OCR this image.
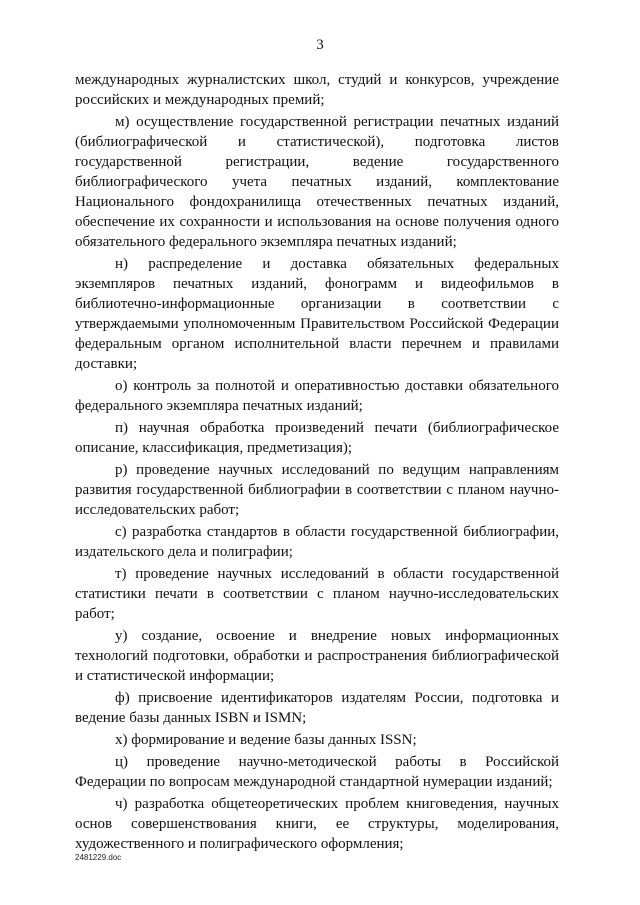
3

международных журналистских школ, студий и конкурсов, учреждение российских и международных премий;

м) осуществление государственной регистрации печатных изданий (библиографической и статистической), подготовка листов государственной регистрации, ведение государственного библиографического учета печатных изданий, комплектование Национального фондохранилища отечественных печатных изданий, обеспечение их сохранности и использования на основе получения одного обязательного федерального экземпляра печатных изданий;

н) распределение и доставка обязательных федеральных экземпляров печатных изданий, фонограмм и видеофильмов в библиотечно-информационные организации в соответствии с утверждаемыми уполномоченным Правительством Российской Федерации федеральным органом исполнительной власти перечнем и правилами доставки;

о) контроль за полнотой и оперативностью доставки обязательного федерального экземпляра печатных изданий;

п) научная обработка произведений печати (библиографическое описание, классификация, предметизация);

р) проведение научных исследований по ведущим направлениям развития государственной библиографии в соответствии с планом научно-исследовательских работ;

с) разработка стандартов в области государственной библиографии, издательского дела и полиграфии;

т) проведение научных исследований в области государственной статистики печати в соответствии с планом научно-исследовательских работ;

у) создание, освоение и внедрение новых информационных технологий подготовки, обработки и распространения библиографической и статистической информации;

ф) присвоение идентификаторов издателям России, подготовка и ведение базы данных ISBN и ISMN;

х) формирование и ведение базы данных ISSN;

ц) проведение научно-методической работы в Российской Федерации по вопросам международной стандартной нумерации изданий;

ч) разработка общетеоретических проблем книговедения, научных основ совершенствования книги, ее структуры, моделирования, художественного и полиграфического оформления;

2481229.doc
